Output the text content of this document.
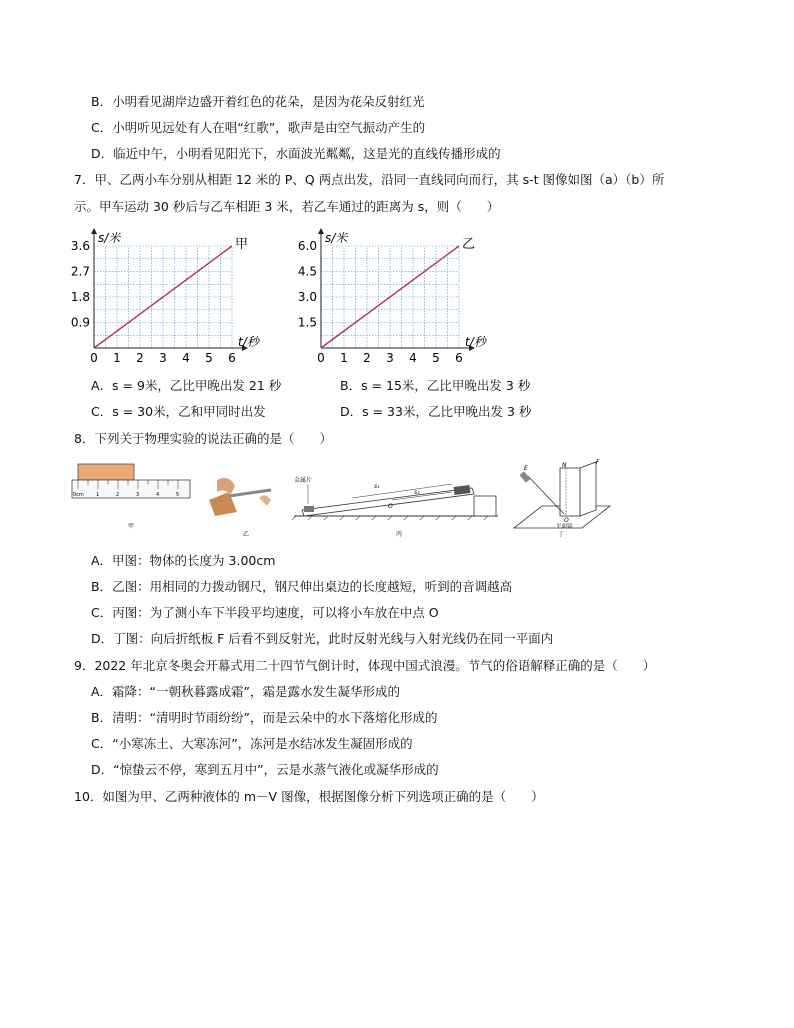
B．小明看见湖岸边盛开着红色的花朵，是因为花朵反射红光
C．小明听见远处有人在唱“红歌”，歌声是由空气振动产生的
D．临近中午，小明看见阳光下，水面波光粼粼，这是光的直线传播形成的
7．甲、乙两小车分别从相距 12 米的 P、Q 两点出发，沿同一直线同向而行，其 s-t 图像如图（a）（b）所
示。甲车运动 30 秒后与乙车相距 3 米，若乙车通过的距离为 s，则（　　）
0 1 2 3 4 5 6
0.9
1.8
2.7
3.6
s/米
t/秒
甲
0 1 2 3 4 5 6
1.5
3.0
4.5
6.0
s/米
t/秒
乙
A．s = 9米，乙比甲晚出发 21 秒	B．s = 15米，乙比甲晚出发 3 秒
C．s = 30米，乙和甲同时出发	D．s = 33米，乙比甲晚出发 3 秒
8．下列关于物理实验的说法正确的是（　　）
0cm 1	2	3	4	5
甲
乙
金属片
s₁
s₂
O
丙
E	N	F
O
平面镜
丁
A．甲图：物体的长度为 3.00cm
B．乙图：用相同的力拨动钢尺，钢尺伸出桌边的长度越短，听到的音调越高
C．丙图：为了测小车下半段平均速度，可以将小车放在中点 O
D．丁图：向后折纸板 F 后看不到反射光，此时反射光线与入射光线仍在同一平面内
9．2022 年北京冬奥会开幕式用二十四节气倒计时，体现中国式浪漫。节气的俗语解释正确的是（　　）
A．霜降：“一朝秋暮露成霜”，霜是露水发生凝华形成的
B．清明：“清明时节雨纷纷”，而是云朵中的水下落熔化形成的
C．“小寒冻土、大寒冻河”，冻河是水结冰发生凝固形成的
D．“惊蛰云不停，寒到五月中”，云是水蒸气液化或凝华形成的
10．如图为甲、乙两种液体的 m－V 图像，根据图像分析下列选项正确的是（　　）
